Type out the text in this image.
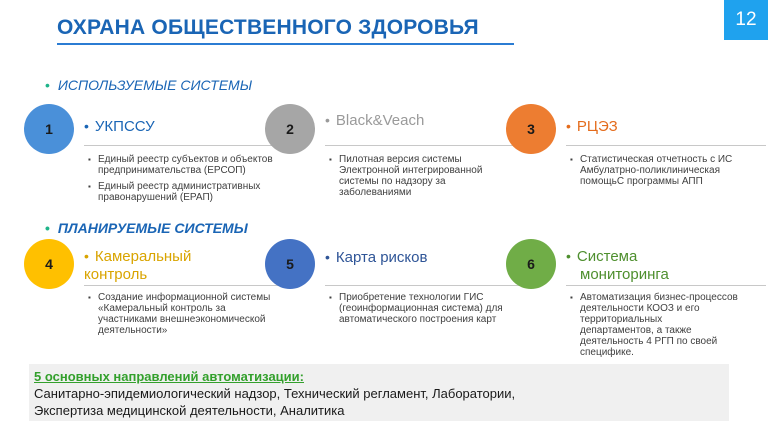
ОХРАНА ОБЩЕСТВЕННОГО ЗДОРОВЬЯ	12
• ИСПОЛЬЗУЕМЫЕ СИСТЕМЫ
• ПЛАНИРУЕМЫЕ СИСТЕМЫ
1	• УКПССУ
▪ Единый реестр субъектов и объектов предпринимательства (ЕРСОП)
▪ Единый реестр административных правонарушений (ЕРАП)
2
• Black&Veach
▪ Пилотная версия системы Электронной интегрированной системы по надзору за заболеваниями
3	• РЦЭЗ
▪ Статистическая отчетность с ИС Амбулатрно-поликлиническая помощьС программы АПП
4	• Камеральный
контроль
▪ Создание информационной системы «Камеральный контроль за участниками внешнеэкономической деятельности»
5	• Карта рисков
▪ Приобретение технологии ГИС (геоинформационная система) для автоматического построения карт
6	• Система
мониторинга
▪ Автоматизация бизнес-процессов деятельности КООЗ и его территориальных департаментов, а также деятельность 4 РГП по своей специфике.
5 основных направлений автоматизации:
Санитарно-эпидемиологический надзор, Технический регламент, Лаборатории,
Экспертиза медицинской деятельности, Аналитика
